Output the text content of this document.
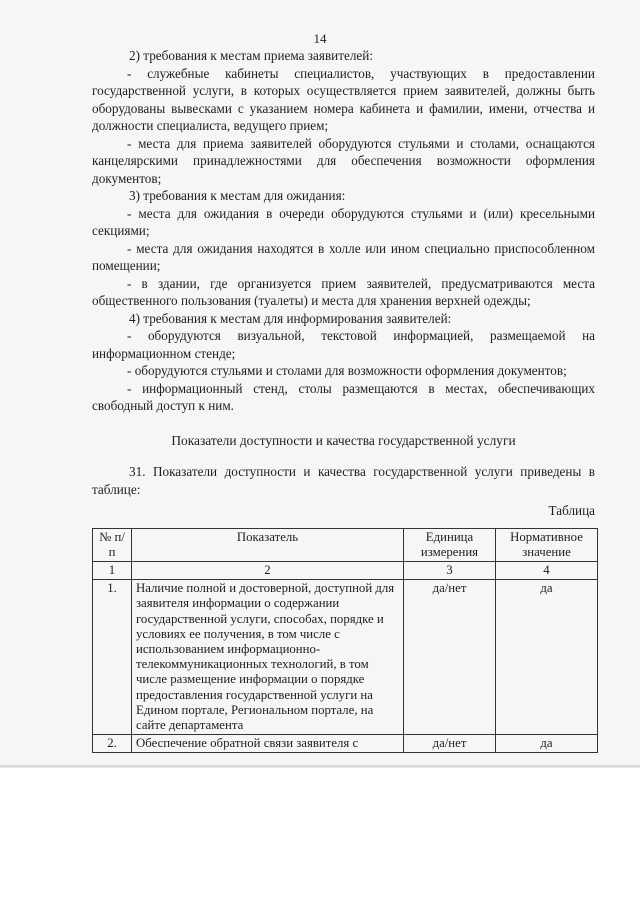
14

2) требования к местам приема заявителей:

- служебные кабинеты специалистов, участвующих в предоставлении государственной услуги, в которых осуществляется прием заявителей, должны быть оборудованы вывесками с указанием номера кабинета и фамилии, имени, отчества и должности специалиста, ведущего прием;

- места для приема заявителей оборудуются стульями и столами, оснащаются канцелярскими принадлежностями для обеспечения возможности оформления документов;

3) требования к местам для ожидания:

- места для ожидания в очереди оборудуются стульями и (или) кресельными секциями;

- места для ожидания находятся в холле или ином специально приспособленном помещении;

- в здании, где организуется прием заявителей, предусматриваются места общественного пользования (туалеты) и места для хранения верхней одежды;

4) требования к местам для информирования заявителей:

- оборудуются визуальной, текстовой информацией, размещаемой на информационном стенде;

- оборудуются стульями и столами для возможности оформления документов;

- информационный стенд, столы размещаются в местах, обеспечивающих свободный доступ к ним.

Показатели доступности и качества государственной услуги

31. Показатели доступности и качества государственной услуги приведены в таблице:

Таблица

№ п/п	Показатель	Единица измерения	Нормативное значение
1	2	3	4
1.	Наличие полной и достоверной, доступной для заявителя информации о содержании государственной услуги, способах, порядке и условиях ее получения, в том числе с использованием информационно-телекоммуникационных технологий, в том числе размещение информации о порядке предоставления государственной услуги на Едином портале, Региональном портале, на сайте департамента	да/нет	да
2.	Обеспечение обратной связи заявителя с	да/нет	да
